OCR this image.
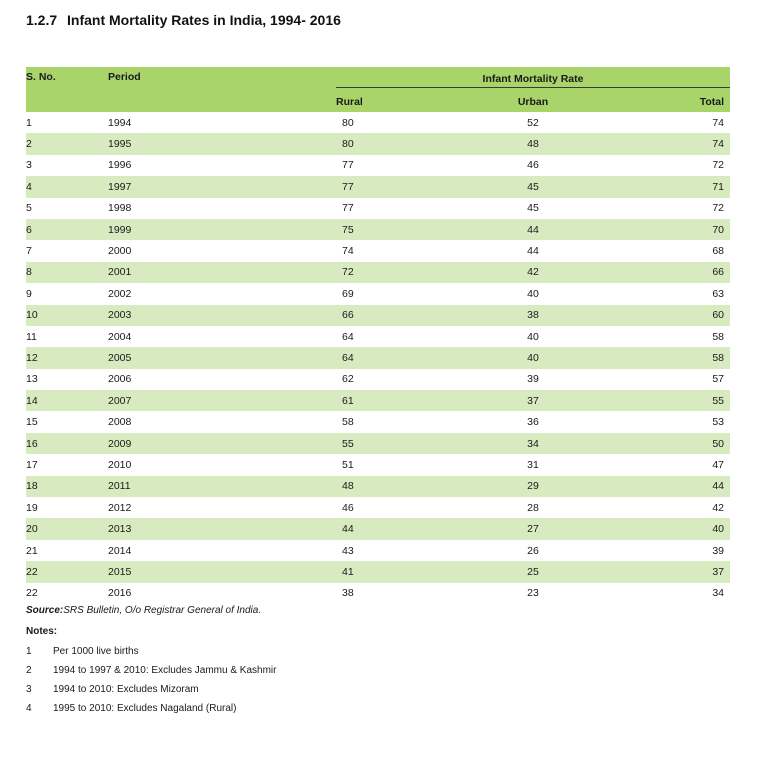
1.2.7 Infant Mortality Rates in India, 1994- 2016
S. No.	Period	Infant Mortality Rate		

		Rural	Urban	Total
1	1994	80	52	74
2	1995	80	48	74
3	1996	77	46	72
4	1997	77	45	71
5	1998	77	45	72
6	1999	75	44	70
7	2000	74	44	68
8	2001	72	42	66
9	2002	69	40	63
10	2003	66	38	60
11	2004	64	40	58
12	2005	64	40	58
13	2006	62	39	57
14	2007	61	37	55
15	2008	58	36	53
16	2009	55	34	50
17	2010	51	31	47
18	2011	48	29	44
19	2012	46	28	42
20	2013	44	27	40
21	2014	43	26	39
22	2015	41	25	37
22	2016	38	23	34
Source:SRS Bulletin, O/o Registrar General of India.
Notes:
1	Per 1000 live births
2	1994 to 1997 & 2010: Excludes Jammu & Kashmir
3	1994 to 2010: Excludes Mizoram
4	1995 to 2010: Excludes Nagaland (Rural)
